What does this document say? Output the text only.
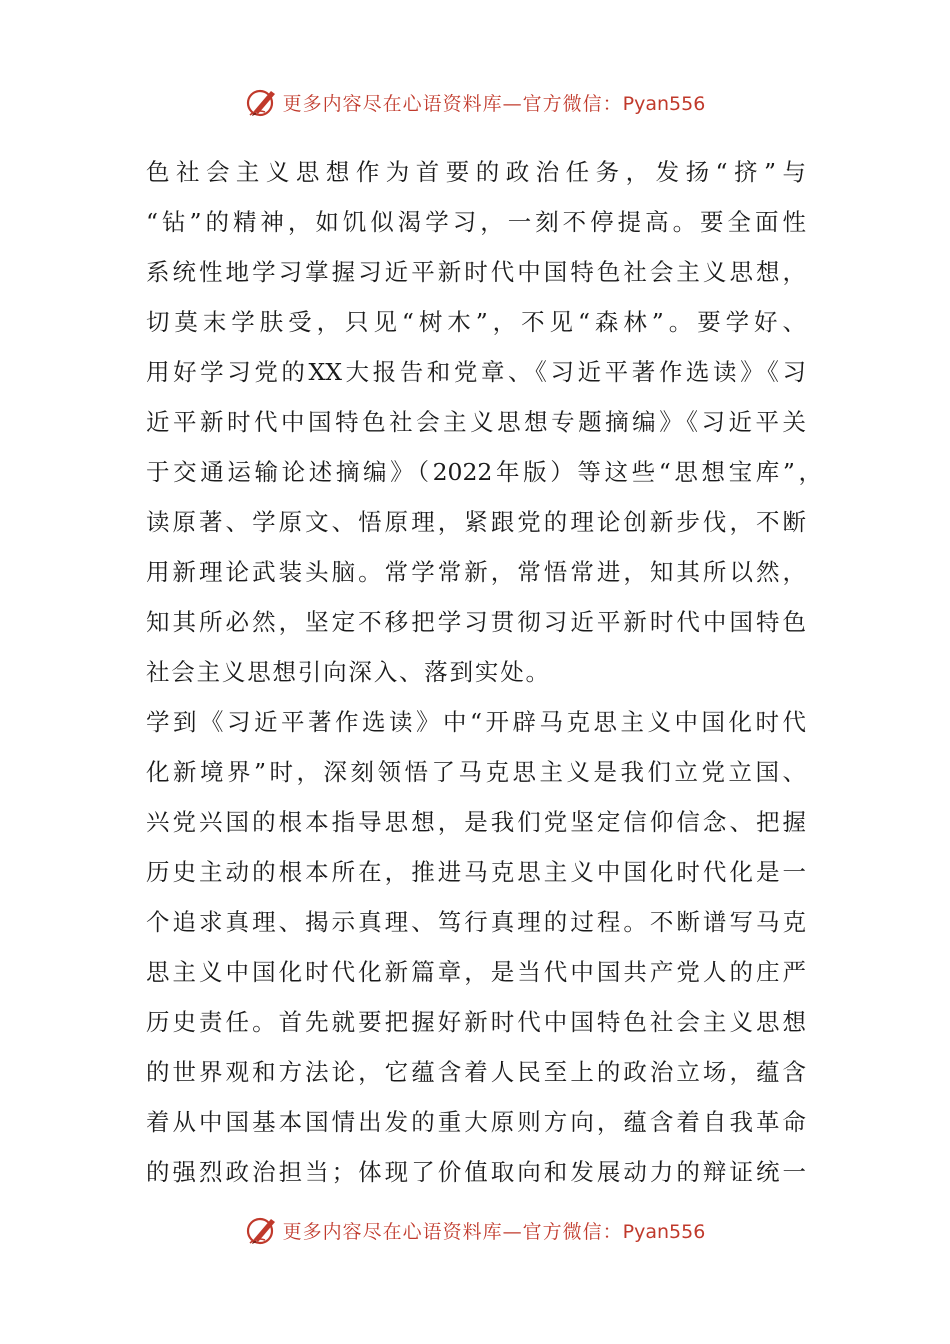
更多内容尽在心语资料库—官方微信：Pyan556
色社会主义思想作为首要的政治任务，发扬“挤”与
“钻”的精神，如饥似渴学习，一刻不停提高。要全面性
系统性地学习掌握习近平新时代中国特色社会主义思想，
切莫末学肤受，只见“树木”，不见“森林”。要学好、
用好学习党的XX大报告和党章、《习近平著作选读》《习
近平新时代中国特色社会主义思想专题摘编》《习近平关
于交通运输论述摘编》（2022年版）等这些“思想宝库”，
读原著、学原文、悟原理，紧跟党的理论创新步伐，不断
用新理论武装头脑。常学常新，常悟常进，知其所以然，
知其所必然，坚定不移把学习贯彻习近平新时代中国特色
社会主义思想引向深入、落到实处。
学到《习近平著作选读》中“开辟马克思主义中国化时代
化新境界”时，深刻领悟了马克思主义是我们立党立国、
兴党兴国的根本指导思想，是我们党坚定信仰信念、把握
历史主动的根本所在，推进马克思主义中国化时代化是一
个追求真理、揭示真理、笃行真理的过程。不断谱写马克
思主义中国化时代化新篇章，是当代中国共产党人的庄严
历史责任。首先就要把握好新时代中国特色社会主义思想
的世界观和方法论，它蕴含着人民至上的政治立场，蕴含
着从中国基本国情出发的重大原则方向，蕴含着自我革命
的强烈政治担当；体现了价值取向和发展动力的辩证统一
更多内容尽在心语资料库—官方微信：Pyan556
